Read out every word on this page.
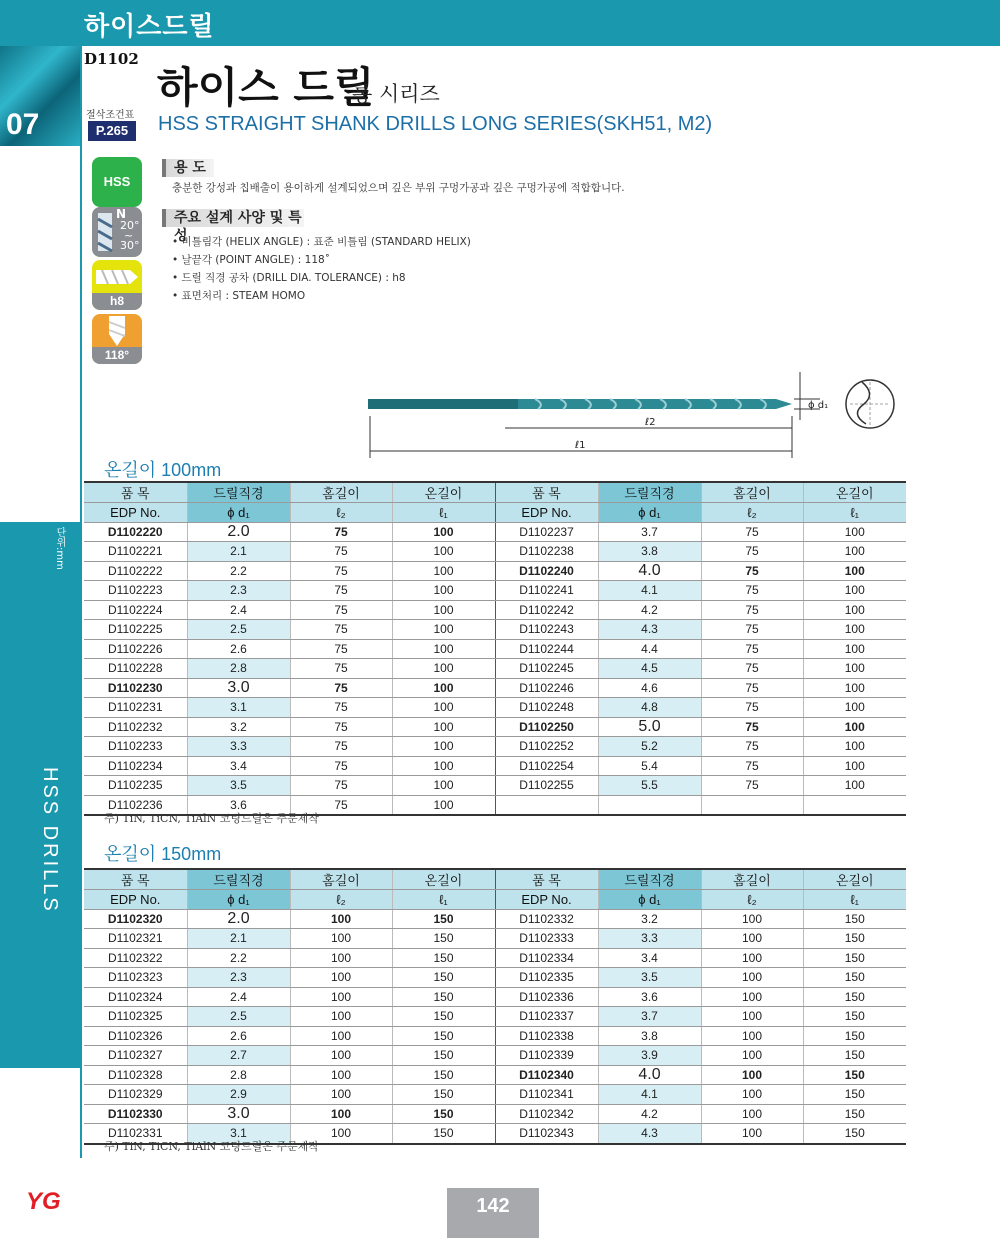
하이스드릴
07
단위:mm
HSS DRILLS
D1102
절삭조건표
P.265
하이스 드릴
롱 시리즈
HSS STRAIGHT SHANK DRILLS LONG SERIES(SKH51, M2)
HSS
N
20°
~
30°
h8
118°
용 도
충분한 강성과 칩배출이 용이하게 설계되었으며 깊은 부위 구멍가공과 깊은 구멍가공에 적합합니다.
주요 설계 사양 및 특성
• 비틀림각 (HELIX ANGLE) : 표준 비틀림 (STANDARD HELIX)
• 날끝각 (POINT ANGLE) : 118˚
• 드릴 직경 공차 (DRILL DIA. TOLERANCE) : h8
• 표면처리 : STEAM HOMO
ϕ d₁
ℓ2
ℓ1
온길이 100mm
품 목	드릴직경	홈길이	온길이	품 목	드릴직경	홈길이	온길이
EDP No.	ϕ d₁	ℓ₂	ℓ₁	EDP No.	ϕ d₁	ℓ₂	ℓ₁
D1102220	2.0	75	100	D1102237	3.7	75	100
D1102221	2.1	75	100	D1102238	3.8	75	100
D1102222	2.2	75	100	D1102240	4.0	75	100
D1102223	2.3	75	100	D1102241	4.1	75	100
D1102224	2.4	75	100	D1102242	4.2	75	100
D1102225	2.5	75	100	D1102243	4.3	75	100
D1102226	2.6	75	100	D1102244	4.4	75	100
D1102228	2.8	75	100	D1102245	4.5	75	100
D1102230	3.0	75	100	D1102246	4.6	75	100
D1102231	3.1	75	100	D1102248	4.8	75	100
D1102232	3.2	75	100	D1102250	5.0	75	100
D1102233	3.3	75	100	D1102252	5.2	75	100
D1102234	3.4	75	100	D1102254	5.4	75	100
D1102235	3.5	75	100	D1102255	5.5	75	100
D1102236	3.6	75	100				
주) TiN, TiCN, TiAlN 코팅드릴은 주문제작
온길이 150mm
품 목	드릴직경	홈길이	온길이	품 목	드릴직경	홈길이	온길이
EDP No.	ϕ d₁	ℓ₂	ℓ₁	EDP No.	ϕ d₁	ℓ₂	ℓ₁
D1102320	2.0	100	150	D1102332	3.2	100	150
D1102321	2.1	100	150	D1102333	3.3	100	150
D1102322	2.2	100	150	D1102334	3.4	100	150
D1102323	2.3	100	150	D1102335	3.5	100	150
D1102324	2.4	100	150	D1102336	3.6	100	150
D1102325	2.5	100	150	D1102337	3.7	100	150
D1102326	2.6	100	150	D1102338	3.8	100	150
D1102327	2.7	100	150	D1102339	3.9	100	150
D1102328	2.8	100	150	D1102340	4.0	100	150
D1102329	2.9	100	150	D1102341	4.1	100	150
D1102330	3.0	100	150	D1102342	4.2	100	150
D1102331	3.1	100	150	D1102343	4.3	100	150
주) TiN, TiCN, TiAlN 코팅드릴은 주문제작
YG	142
